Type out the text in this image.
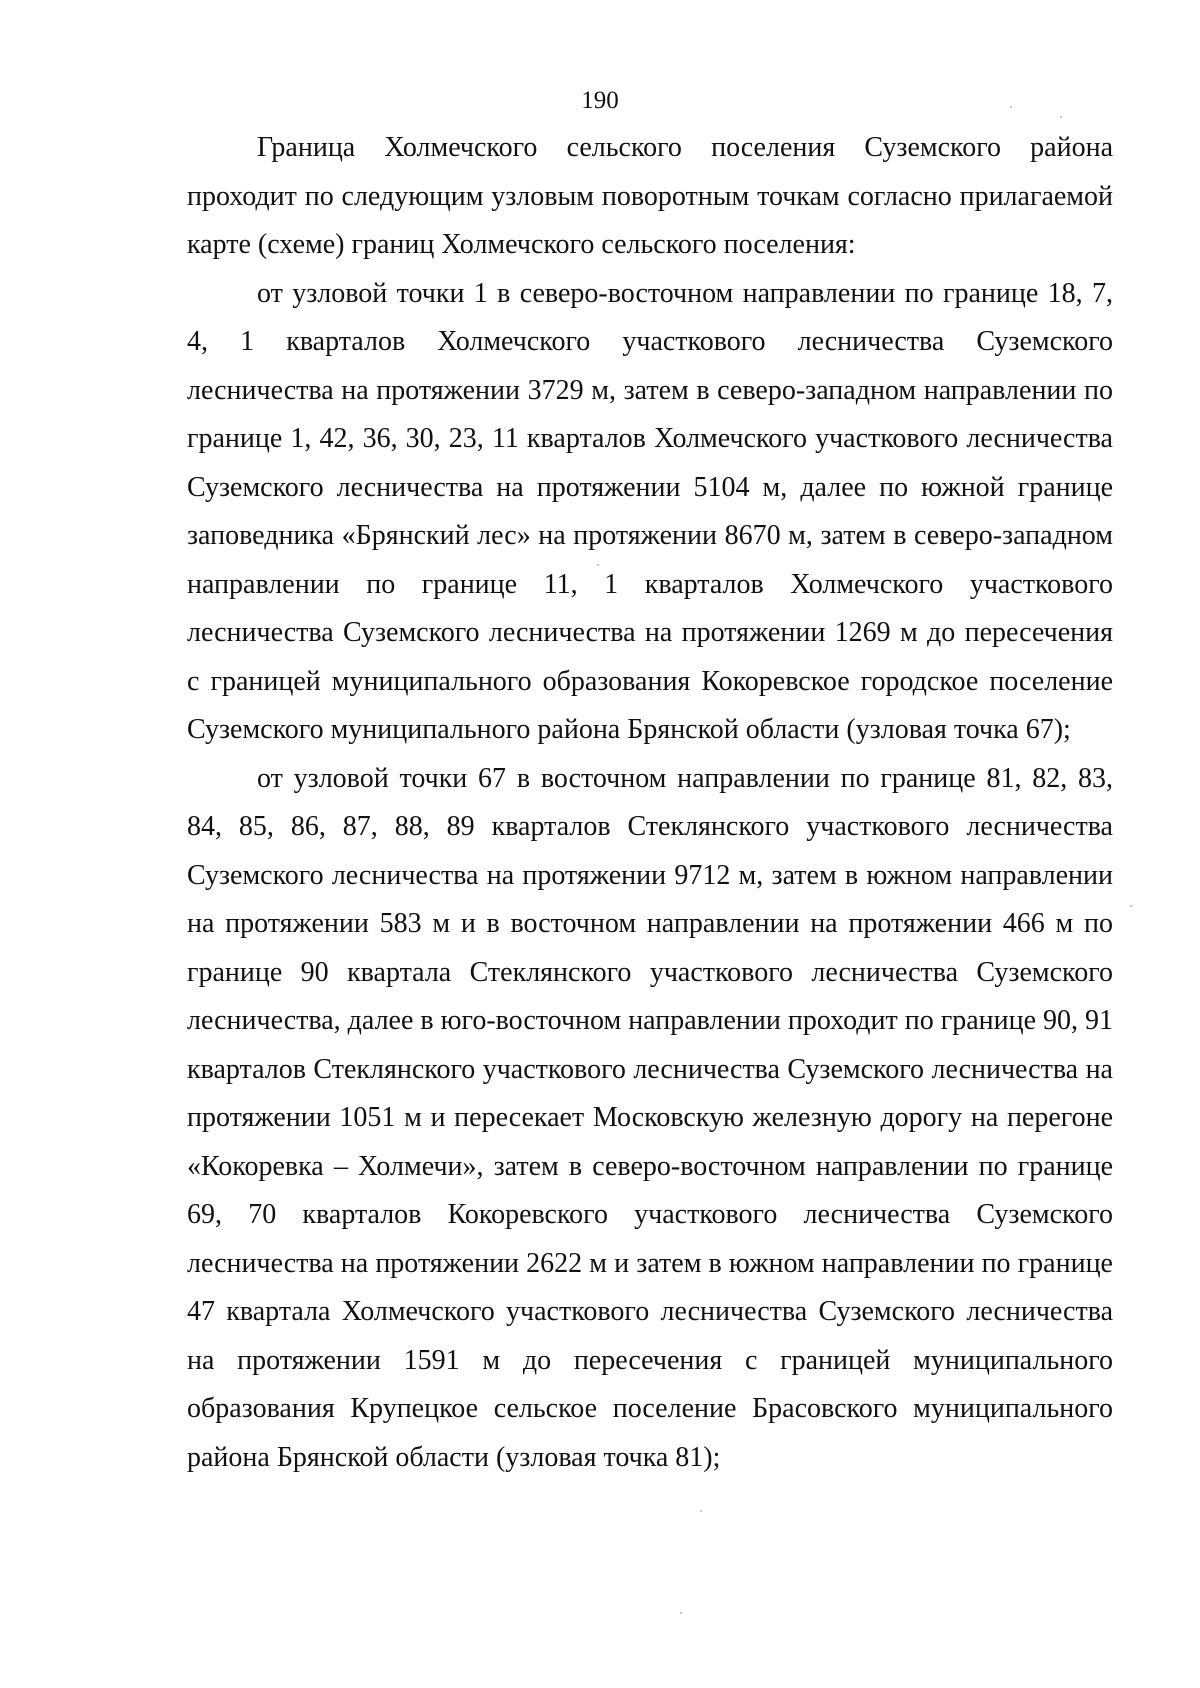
190

Граница Холмечского сельского поселения Суземского района проходит по следующим узловым поворотным точкам согласно прилагаемой карте (схеме) границ Холмечского сельского поселения:

от узловой точки 1 в северо-восточном направлении по границе 18, 7, 4, 1 кварталов Холмечского участкового лесничества Суземского лесничества на протяжении 3729 м, затем в северо-западном направлении по границе 1, 42, 36, 30, 23, 11 кварталов Холмечского участкового лесничества Суземского лесничества на протяжении 5104 м, далее по южной границе заповедника «Брянский лес» на протяжении 8670 м, затем в северо-западном направлении по границе 11, 1 кварталов Холмечского участкового лесничества Суземского лесничества на протяжении 1269 м до пересечения с границей муниципального образования Кокоревское городское поселение Суземского муниципального района Брянской области (узловая точка 67);

от узловой точки 67 в восточном направлении по границе 81, 82, 83, 84, 85, 86, 87, 88, 89 кварталов Стеклянского участкового лесничества Суземского лесничества на протяжении 9712 м, затем в южном направлении на протяжении 583 м и в восточном направлении на протяжении 466 м по границе 90 квартала Стеклянского участкового лесничества Суземского лесничества, далее в юго-восточном направлении проходит по границе 90, 91 кварталов Стеклянского участкового лесничества Суземского лесничества на протяжении 1051 м и пересекает Московскую железную дорогу на перегоне «Кокоревка – Холмечи», затем в северо-восточном направлении по границе 69, 70 кварталов Кокоревского участкового лесничества Суземского лесничества на протяжении 2622 м и затем в южном направлении по границе 47 квартала Холмечского участкового лесничества Суземского лесничества на протяжении 1591 м до пересечения с границей муниципального образования Крупецкое сельское поселение Брасовского муниципального района Брянской области (узловая точка 81);
